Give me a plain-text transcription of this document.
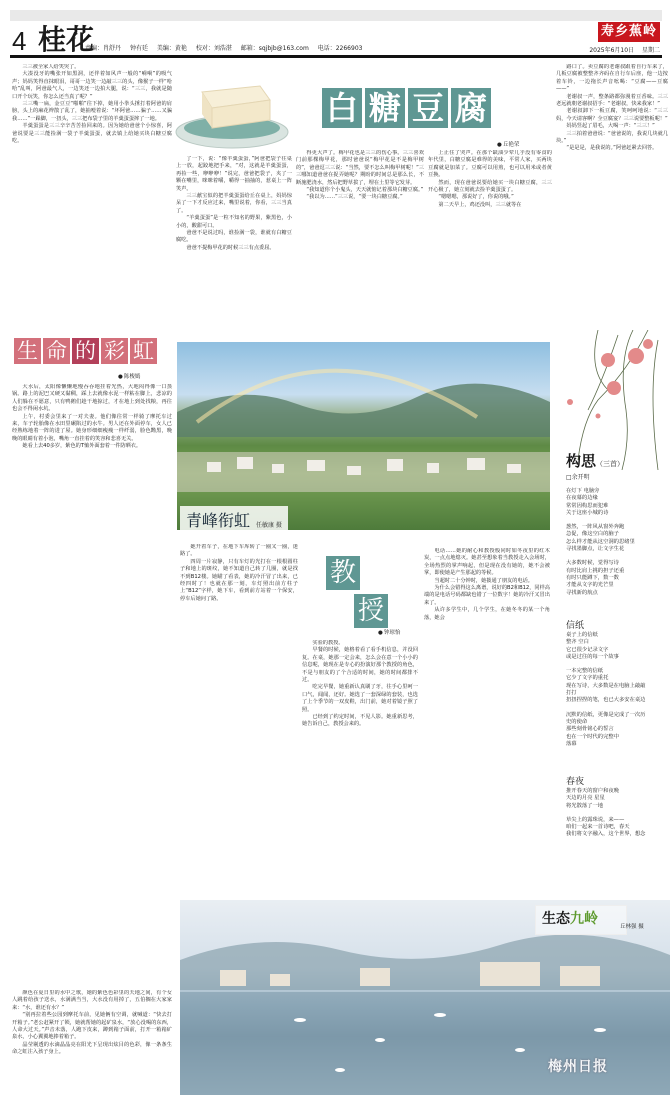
4 桂花
责编：肖舒丹 钟有廷 美编：黄艳 校对：刘浩湛 邮箱：sqjbjb@163.com 电话：2266903
寿乡蕉岭
2025年6月10日 星期二

三三被全家人给笑哭了。

大凑没牙的嘴张开如黑洞，还伴着如风声一般的“嗬嗬”的吸气声；妈妈笑得直抹眼泪，哥哥一边笑一边敲三三的头，像猴子一样“哈哈”乱叫，阿爸最气人，一边笑还一边拍大腿，说：“三三，我就是随口开个玩笑，你怎么还当真了呢？”

三三嘴一扁，金豆豆“啪啪”往下掉，她用小拳头捶打着阿爸的肩膀，头上的麻花辫散了乱了，她抽噎着说：“坏阿爸……骗子……又骗我……”一跺脚，一扭头，三三把布袋子里的羊羹蛋蛋摔了一地。

羊羹蛋蛋是三三辛辛苦苦捡回来的。因为她给爸爸个小惊喜，阿爸说要是三三能捡满一袋子羊羹蛋蛋，就去镇上给她买块白糖豆腐吃。

了一下，说：“像羊羹蛋蛋，”阿爸把袋子往桌上一放，起跤地把手来，“对，这就是羊羹蛋蛋，再捡一些，咿咿咿！”说完，爸爸把袋子，夹了一颗在嘴里，咪咪着嚼，嚼得一抽抽的，惹桌上一阵笑声。

三三献宝似的把羊羹蛋蛋给丘在桌上，妈妈惊呆了一下才反应过来，嘴里说着，你看，三三当真了。

“羊羹蛋蛋”是一粒不知名的野果，紫黑色，小小的，酸甜可口。

爸爸不是说过吗，谁捡满一袋，谁就有白糖豆腐吃。

爸爸不提梅甲花的时候三三有点委屈。

白 糖 豆 腐
● 丘艳荣

得更大声了。梅甲花也是三三的伤心事。三三喜欢门前那棵梅甲花，那时爸爸说“梅甲花是不是梅甲树的”，爸爸逗三三说：“当然，要不怎么叫梅甲树呢！”三三哪知道爸爸在捉弄她呢？期盼的时间总是那么长，不断施肥浇水，然后把野草拔了，埋在土里等它发芽。

“我知道你个小鬼头，天天就惦记着那块白糖豆腐。”

“我以为……”三三说，“要一块白糖豆腐。”

上止住了哭声。在那个缺油少荤几乎没有零食的年代里，白糖豆腐是难得的美味，平常人家，买两块豆腐就是加菜了。豆腐可以用煎，也可以用米或者黄豆换。

然而，现在爸爸说要给她买一块白糖豆腐，三三开心极了，她立刻就去捡羊羹蛋蛋了。

“嗯嗯嗯，那说好了，你说的哦。”

第二天早上，鸡还没叫，三三就等在

路口了。卖豆腐的老谢叔跟着自行车来了，几板豆腐被整整齐齐码在自行车后座，他一边按着车铃，一边拖长声音吆喝：“豆腐——豆腐——”

老谢叔一声，整条路都弥漫着豆香味。三三老远就朝老谢叔招手：“老谢叔，快来我家！”

老谢叔卸下一板豆腐，笑呵呵地说：“三三妈，今天请客啊？全豆腐宴？三三说要整板呢！”

妈妈竖起了眉毛，大喝一声：“三三！”

三三拍着爸爸说：“爸爸说的，我说几块就几块。”

“是是是，是我说的。”阿爸赶紧去回答。

生 命 的 彩 虹
● 陈梭嫣

大水后，太阳像懒懒地慢吞吞地挂着光热，大地闷得像一口蒸锅。路上的泥巴又硬又黏稠，踩上去就像水泥一样粘在脚上，悲凉的人们躲在不愿意，只有鸭鹅们趁干地掠过，才在地上到处找粮，再往也会不得闲水坑。

上午，村委会里来了一对夫妻。他们像往常一样骑了摩托车过来，车子轮胎像在水田里碾陷过的水牛。男人还在外面停车，女人已经熟练地着一阵的进了屋。她身形细细瘦瘦一样纤弱，脸色黝黑，晚晚的眼睛有着小泡，嘴角一直挂着的笑容和悲喜无关。

她看上去40多岁，紫色的T恤外面套着一件防晒衣。

颜色在夏日里的水中之歌，她的紫色色彩里的天地之间，有个女人跳着给孩子送水，水满满当当，大水没有用掉了，五伯搁在大家家来：“水，谁还有水？”

“别再拉着些公园到摩托车前，见她俩有空调，就喊道：“快去打开箱子。”老公赶紧开了锁，她就帮她的起矿泉水，“放心没喝的东西，人命大过天。”声音未落，人跑下皮来，蹲到箱子面前，打开一箱箱矿泉水，小心翼翼地捧着箱子。

晶莹剔透的水滴晶晶亮在阳光下呈现出炫目的色彩，像一条条生命之虹注入孩子身上。

青峰衔虹 任敏康 摄

她开着车子，在地下车库转了一圈又一圈，迷路了。

四周一片寂静，只有车灯的光打在一根根圆柱子和地上的斑纹，她不知道自己转了几圈，就是找不到B12楼。她瞄了看表，她的冷汗冒了出来，已经四时了！也就在那一刻，车灯照出前方柱子上“B12”字样，她下车，看到前方站着一个保安，停车后她问了路。

教
授
● 钟琼怡

实验的教授。

早餐的时候，她格着看了看手机信息，并没回复。在桌，她那一定会来，怎么会在意一个小小的信息呢，她现在是专心的扮演好那个教授的角色，不是与朋友的了个合适的时间，她的时间都排不过。

吃完早餐，她重新认真刷了牙，往手心里呵一口气，闻闻，还好。她选了一套深绿的套装，也选了上个季节的一双皮鞋，出门前，她对着镜子照了照。

已经到了约定时间，不见人影。她重新思考，她告诉自己，教授会来的。

电话……她的耐心和教授般同时如冬夜里的红木炭，一点点地熄灭。她甚至想象着当教授走入会场时，全场热烈的掌声响起，但是现在没有她的，她不会被掌，即使她是产生那起的等候。

当超时二十分钟时，她拨通了朋友的电话。

为什么会错得这么离谱，说好的B2和B12，同样高端的是电话号码都缺也错了一位数字！她的冷汗又冒出来了。

从许多学生中，几个学生，在她冬冬的某一个角落，她会

构思（三首）
□余开明
在灯下 电脑旁
在夜幕的边缘
常常因构思而犯难
关于这座小城的诗
葱然，一阵风从窗外奔跑
急促，像这空白的脑子
怎么样才能从这空洞的思绪里
寻找墨脚点，让文字生花
大多数时候，觉得写诗
有时比肩上挑的担子还重
有时只能蹲下，数一数
才能从文字的光芒里
寻找新的航点
信纸
桌子上的信纸
整齐 空白
它已很少记录文字
或是过往的每一个故事
一本完整的信纸
它少了文字的重托
现在写诗，大多数是在电脑上敲敲
打打
扭扭捏捏的笔，也已大多安在桌边
沉默的信纸，更像是完成了一次历
史的使命
那些刻骨铭心的誓言
也在一个时代的完整中
落幕
春夜
推开春天的窗户和夜晚
天边的月亮 星星
将光散落了一地
草尖上的露珠说，来——
咱们一起来一首诗吧，春天
我们将文字融入，这个世界，想念
生态九岭	丘林强 摄
梅州日报
